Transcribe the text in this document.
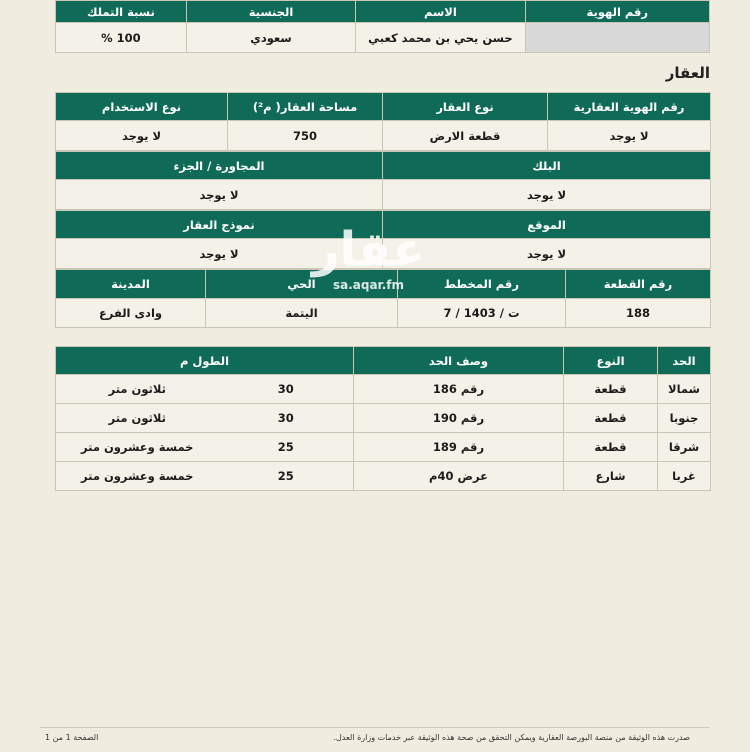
رقم الهوية	الاسم	الجنسية	نسبة التملك
	حسن يحي بن محمد كعبي	سعودي	100 %
العقار
رقم الهوية العقارية	نوع العقار	مساحة العقار( م²)	نوع الاستخدام
لا يوجد	قطعة الارض	750	لا يوجد
البلك	المجاورة / الجزء
لا يوجد	لا يوجد
الموقع	نموذج العقار
لا يوجد	لا يوجد
رقم القطعة	رقم المخطط	الحي	المدينة
188	7 / ت / 1403	اليتمة	وادى الفرع
الحد	النوع	وصف الحد	الطول م	
شمالا	قطعة	رقم 186	30	ثلاثون متر
جنوبا	قطعة	رقم 190	30	ثلاثون متر
شرقا	قطعة	رقم 189	25	خمسة وعشرون متر
غربا	شارع	عرض 40م	25	خمسة وعشرون متر
عقار
sa.aqar.fm
صدرت هذه الوثيقة من منصة البورصة العقارية ويمكن التحقق من صحة هذه الوثيقة عبر خدمات وزارة العدل.
الصفحة 1 من 1
